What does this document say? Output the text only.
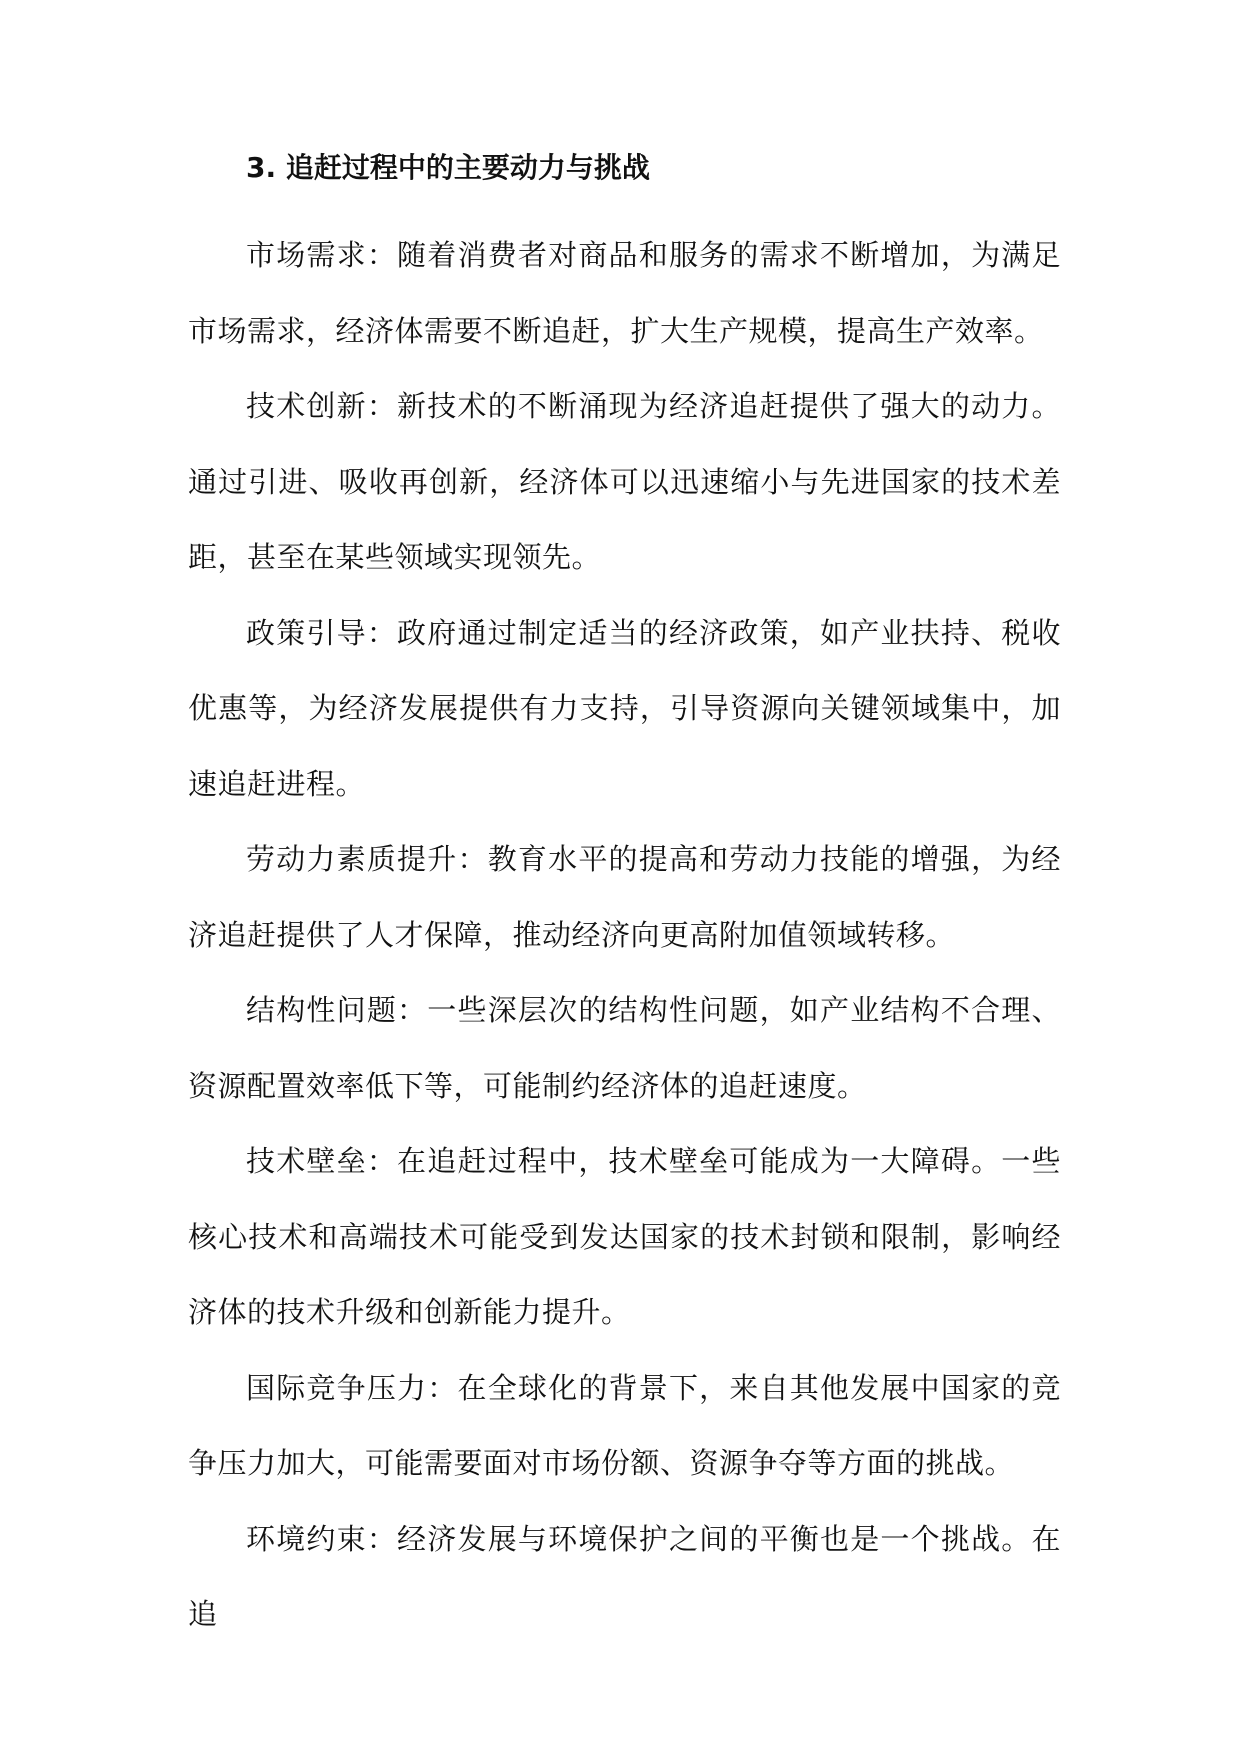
3. 追赶过程中的主要动力与挑战

市场需求：随着消费者对商品和服务的需求不断增加，为满足市场需求，经济体需要不断追赶，扩大生产规模，提高生产效率。

技术创新：新技术的不断涌现为经济追赶提供了强大的动力。通过引进、吸收再创新，经济体可以迅速缩小与先进国家的技术差距，甚至在某些领域实现领先。

政策引导：政府通过制定适当的经济政策，如产业扶持、税收优惠等，为经济发展提供有力支持，引导资源向关键领域集中，加速追赶进程。

劳动力素质提升：教育水平的提高和劳动力技能的增强，为经济追赶提供了人才保障，推动经济向更高附加值领域转移。

结构性问题：一些深层次的结构性问题，如产业结构不合理、资源配置效率低下等，可能制约经济体的追赶速度。

技术壁垒：在追赶过程中，技术壁垒可能成为一大障碍。一些核心技术和高端技术可能受到发达国家的技术封锁和限制，影响经济体的技术升级和创新能力提升。

国际竞争压力：在全球化的背景下，来自其他发展中国家的竞争压力加大，可能需要面对市场份额、资源争夺等方面的挑战。

环境约束：经济发展与环境保护之间的平衡也是一个挑战。在追
